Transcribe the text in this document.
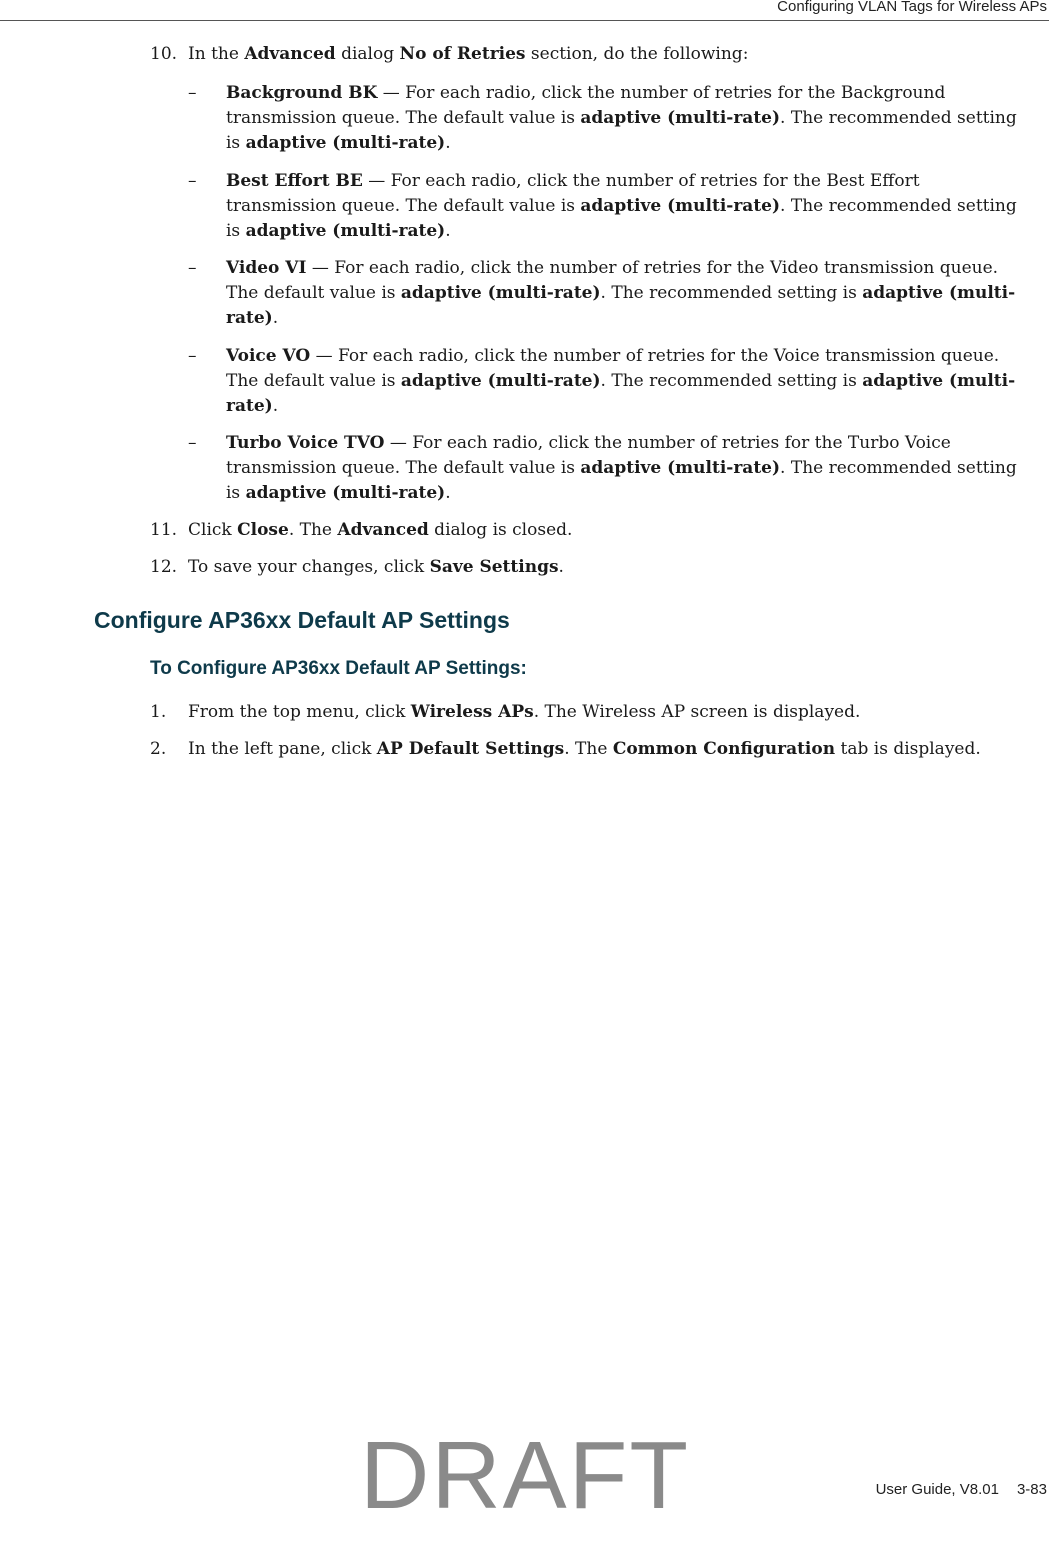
Configuring VLAN Tags for Wireless APs
10. In the Advanced dialog No of Retries section, do the following:
– Background BK — For each radio, click the number of retries for the Background
transmission queue. The default value is adaptive (multi-rate). The recommended setting
is adaptive (multi-rate).
– Best Effort BE — For each radio, click the number of retries for the Best Effort
transmission queue. The default value is adaptive (multi-rate). The recommended setting
is adaptive (multi-rate).
– Video VI — For each radio, click the number of retries for the Video transmission queue.
The default value is adaptive (multi-rate). The recommended setting is adaptive (multi-
rate).
– Voice VO — For each radio, click the number of retries for the Voice transmission queue.
The default value is adaptive (multi-rate). The recommended setting is adaptive (multi-
rate).
– Turbo Voice TVO — For each radio, click the number of retries for the Turbo Voice
transmission queue. The default value is adaptive (multi-rate). The recommended setting
is adaptive (multi-rate).
11. Click Close. The Advanced dialog is closed.
12. To save your changes, click Save Settings.
Configure AP36xx Default AP Settings
To Configure AP36xx Default AP Settings:
1. From the top menu, click Wireless APs. The Wireless AP screen is displayed.
2. In the left pane, click AP Default Settings. The Common Configuration tab is displayed.
DRAFT	User Guide, V8.01 3-83
